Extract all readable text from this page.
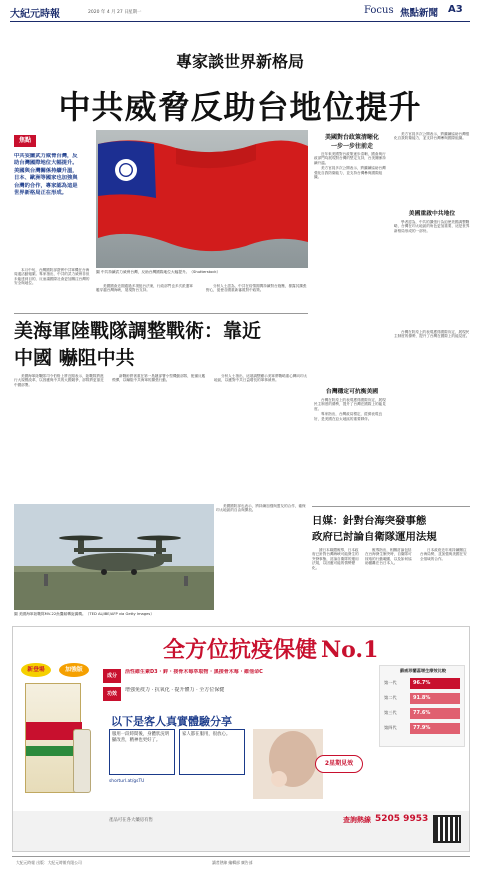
大紀元時報	2020 年 4 月 27 日 星期一	Focus 焦點新聞 A3
專家談世界新格局
中共威脅反助台地位提升
焦點
中共妄圖武力威脅台灣，反助台灣國際地位大幅提升。美國與台灣關係持續升溫，日本、歐洲等國家也加強與台灣的合作，專家認為這是世界新格局正在形成。
圖 中共持續武力威脅台灣，反助台灣國際地位大幅提升。（Shutterstock）

本月中旬，台灣國防部證實中共軍機在台海周邊活動頻繁。專家指出，中共的武力威脅非但未能達到目的，反而讓國際社會更加關注台灣的安全與地位。

美國國會近期通過多項挺台法案，行政部門也多次派遣軍艦穿越台灣海峽，展現對台支持。

分析人士認為，中共在疫情期間持續對台施壓，暴露其擴張野心，促使各國重新審視對中政策。

美國對台政策清晰化
一步一步往前走

近年來美國對台政策逐步清晰，國會與行政部門均展現對台灣的堅定支持，台美關係持續升溫。

美方官員多次公開表示，將繼續協助台灣強化自我防衛能力，並支持台灣參與國際組織。

美方官員多次公開表示，將繼續協助台灣強化自我防衛能力，並支持台灣參與國際組織。

美國重啟中共地位

學者認為，中共的擴張行為迫使美國調整戰略，台灣在印太地區的角色更加重要，這是世界新格局形成的一部份。

台灣穩定可抗衡美國

台灣在防疫上的表現獲得國際肯定，展現民主制度的優勢，提升了台灣在國際上的能見度。

專家指出，台灣政局穩定，經濟表現良好，是美國在亞太地區的重要夥伴。

台灣在防疫上的表現獲得國際肯定，展現民主制度的優勢，提升了台灣在國際上的能見度。

美海軍陸戰隊調整戰術：靠近中國 嚇阻中共

美國海軍陸戰隊司令伯格上將近期表示，陸戰隊將進行大規模改革，以因應與中共的大國競爭，部隊將更靠近中國部署。

新戰術將著重在第一島鏈部署小型機動部隊，配備反艦飛彈，以嚇阻中共海軍的擴張行動。

分析人士指出，這項調整顯示美軍將戰略重心轉向印太地區，以應對中共日益增長的軍事威脅。

圖 美國海軍陸戰隊MV-22魚鷹傾轉旋翼機。（TED ALJIBE/AFP via Getty Images）

美國國防部也表示，將持續加強與盟友的合作，確保印太地區的自由與開放。

日媒：針對台海突發事態
政府已討論自衛隊運用法規

據日本媒體報導，日本政府已針對台灣海峽可能發生的突發事態，討論自衛隊的運用法規，以因應可能的情勢變化。

報導指出，相關討論包括在台海發生衝突時，自衛隊可採取的行動範圍，以及如何協助撤離在台日本人。

日本政府近年來持續關注台海局勢，並加強與美國在安全領域的合作。

全方位抗疫保健 No.1
新登場	加強版
成分
活性維生素D3 · 鋅 · 接骨木莓萃取物 · 黑接骨木莓 · 維他命C
功效
增強免疫力 · 抗氧化 · 提升體力 · 全方位保健
以下是客人真實體驗分享
服用一段時間後，身體狀況明顯改善，精神也更好了。
家人都在服用，很放心。
shorturl.at/gsTU
2星期見效
蘇威珍蘭蕊增生療效比較
第一代	96.7%
第二代	91.8%
第三代	77.6%
第四代	77.9%
產品可在各大藥房有售	查詢熱線 5205 9953
大紀元時報 出版：大紀元時報有限公司	讀者熱線 編輯部 廣告部
